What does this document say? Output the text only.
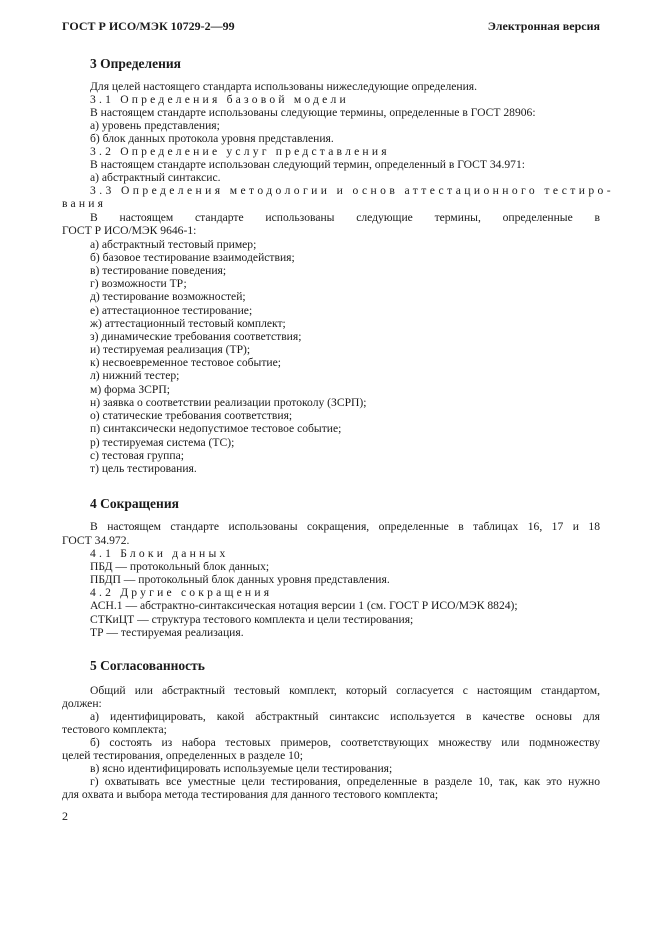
ГОСТ Р ИСО/МЭК 10729-2—99	Электронная версия
3 Определения
Для целей настоящего стандарта использованы нижеследующие определения.
3.1 Определения базовой модели
В настоящем стандарте использованы следующие термины, определенные в ГОСТ 28906:
а) уровень представления;
б) блок данных протокола уровня представления.
3.2 Определение услуг представления
В настоящем стандарте использован следующий термин, определенный в ГОСТ 34.971:
а) абстрактный синтаксис.
3.3 Определения методологии и основ аттестационного тестиро-
вания
В настоящем стандарте использованы следующие термины, определенные в
ГОСТ Р ИСО/МЭК 9646-1:
а) абстрактный тестовый пример;
б) базовое тестирование взаимодействия;
в) тестирование поведения;
г) возможности ТР;
д) тестирование возможностей;
е) аттестационное тестирование;
ж) аттестационный тестовый комплект;
з) динамические требования соответствия;
и) тестируемая реализация (ТР);
к) несвоевременное тестовое событие;
л) нижний тестер;
м) форма ЗСРП;
н) заявка о соответствии реализации протоколу (ЗСРП);
о) статические требования соответствия;
п) синтаксически недопустимое тестовое событие;
р) тестируемая система (ТС);
с) тестовая группа;
т) цель тестирования.
4 Сокращения
В настоящем стандарте использованы сокращения, определенные в таблицах 16, 17 и 18
ГОСТ 34.972.
4.1 Блоки данных
ПБД — протокольный блок данных;
ПБДП — протокольный блок данных уровня представления.
4.2 Другие сокращения
АСН.1 — абстрактно-синтаксическая нотация версии 1 (см. ГОСТ Р ИСО/МЭК 8824);
СТКиЦТ — структура тестового комплекта и цели тестирования;
ТР — тестируемая реализация.
5 Согласованность
Общий или абстрактный тестовый комплект, который согласуется с настоящим стандартом,
должен:
а) идентифицировать, какой абстрактный синтаксис используется в качестве основы для
тестового комплекта;
б) состоять из набора тестовых примеров, соответствующих множеству или подмножеству
целей тестирования, определенных в разделе 10;
в) ясно идентифицировать используемые цели тестирования;
г) охватывать все уместные цели тестирования, определенные в разделе 10, так, как это нужно
для охвата и выбора метода тестирования для данного тестового комплекта;
2
